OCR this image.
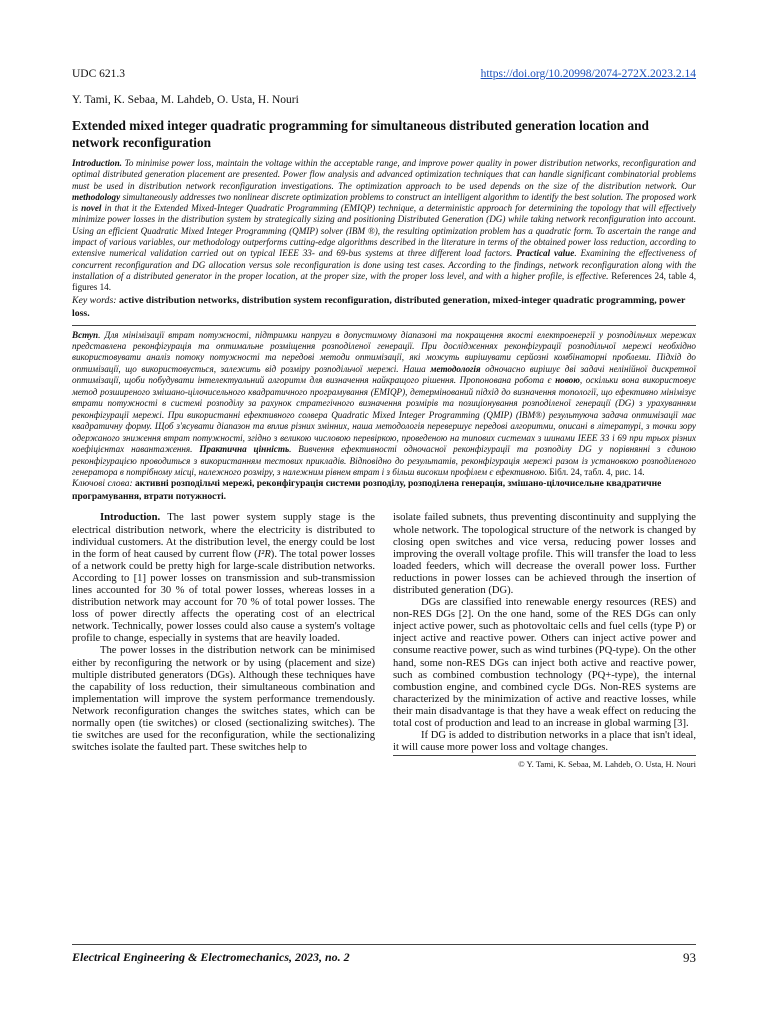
UDC 621.3	https://doi.org/10.20998/2074-272X.2023.2.14
Y. Tami, K. Sebaa, M. Lahdeb, O. Usta, H. Nouri
Extended mixed integer quadratic programming for simultaneous distributed generation location and network reconfiguration
Introduction. To minimise power loss, maintain the voltage within the acceptable range, and improve power quality in power distribution networks, reconfiguration and optimal distributed generation placement are presented. Power flow analysis and advanced optimization techniques that can handle significant combinatorial problems must be used in distribution network reconfiguration investigations. The optimization approach to be used depends on the size of the distribution network. Our methodology simultaneously addresses two nonlinear discrete optimization problems to construct an intelligent algorithm to identify the best solution. The proposed work is novel in that it the Extended Mixed-Integer Quadratic Programming (EMIQP) technique, a deterministic approach for determining the topology that will effectively minimize power losses in the distribution system by strategically sizing and positioning Distributed Generation (DG) while taking network reconfiguration into account. Using an efficient Quadratic Mixed Integer Programming (QMIP) solver (IBM ®), the resulting optimization problem has a quadratic form. To ascertain the range and impact of various variables, our methodology outperforms cutting-edge algorithms described in the literature in terms of the obtained power loss reduction, according to extensive numerical validation carried out on typical IEEE 33- and 69-bus systems at three different load factors. Practical value. Examining the effectiveness of concurrent reconfiguration and DG allocation versus sole reconfiguration is done using test cases. According to the findings, network reconfiguration along with the installation of a distributed generator in the proper location, at the proper size, with the proper loss level, and with a higher profile, is effective. References 24, table 4, figures 14.
Key words: active distribution networks, distribution system reconfiguration, distributed generation, mixed-integer quadratic programming, power loss.
Вступ. Для мінімізації втрат потужності, підтримки напруги в допустимому діапазоні та покращення якості електроенергії у розподільчих мережах представлена реконфігурація та оптимальне розміщення розподіленої генерації. При дослідженнях реконфігурації розподільчої мережі необхідно використовувати аналіз потоку потужності та передові методи оптимізації, які можуть вирішувати серйозні комбінаторні проблеми. Підхід до оптимізації, що використовується, залежить від розміру розподільчої мережі. Наша методологія одночасно вирішує дві задачі нелінійної дискретної оптимізації, щоби побудувати інтелектуальний алгоритм для визначення найкращого рішення. Пропонована робота є новою, оскільки вона використовує метод розширеного змішано-цілочисельного квадратичного програмування (EMIQP), детермінований підхід до визначення топології, що ефективно мінімізує втрати потужності в системі розподілу за рахунок стратегічного визначення розмірів та позиціонування розподіленої генерації (DG) з урахуванням реконфігурації мережі. При використанні ефективного солвера Quadratic Mixed Integer Programming (QMIP) (IBM®) результуюча задача оптимізації має квадратичну форму. Щоб з'ясувати діапазон та вплив різних змінних, наша методологія перевершує передові алгоритми, описані в літературі, з точки зору одержаного зниження втрат потужності, згідно з великою числовою перевіркою, проведеною на типових системах з шинами IEEE 33 і 69 при трьох різних коефіцієнтах навантаження. Практична цінність. Вивчення ефективності одночасної реконфігурації та розподілу DG у порівнянні з єдиною реконфігурацією проводиться з використанням тестових прикладів. Відповідно до результатів, реконфігурація мережі разом із установкою розподіленого генератора в потрібному місці, належного розміру, з належним рівнем втрат і з більш високим профілем є ефективною. Бібл. 24, табл. 4, рис. 14.
Ключові слова: активні розподільчі мережі, реконфігурація системи розподілу, розподілена генерація, змішано-цілочисельне квадратичне програмування, втрати потужності.

Introduction. The last power system supply stage is the electrical distribution network, where the electricity is distributed to individual customers. At the distribution level, the energy could be lost in the form of heat caused by current flow (I²R). The total power losses of a network could be pretty high for large-scale distribution networks. According to [1] power losses on transmission and sub-transmission lines accounted for 30 % of total power losses, whereas losses in a distribution network may account for 70 % of total power losses. The loss of power directly affects the operating cost of an electrical network. Technically, power losses could also cause a system's voltage profile to change, especially in systems that are heavily loaded.

The power losses in the distribution network can be minimised either by reconfiguring the network or by using (placement and size) multiple distributed generators (DGs). Although these techniques have the capability of loss reduction, their simultaneous combination and implementation will improve the system performance tremendously. Network reconfiguration changes the switches states, which can be normally open (tie switches) or closed (sectionalizing switches). The tie switches are used for the reconfiguration, while the sectionalizing switches isolate the faulted part. These switches help to

isolate failed subnets, thus preventing discontinuity and supplying the whole network. The topological structure of the network is changed by closing open switches and vice versa, reducing power losses and improving the overall voltage profile. This will transfer the load to less loaded feeders, which will decrease the overall power loss. Further reductions in power losses can be achieved through the insertion of distributed generation (DG).

DGs are classified into renewable energy resources (RES) and non-RES DGs [2]. On the one hand, some of the RES DGs can only inject active power, such as photovoltaic cells and fuel cells (type P) or inject active and reactive power. Others can inject active power and consume reactive power, such as wind turbines (PQ-type). On the other hand, some non-RES DGs can inject both active and reactive power, such as combined combustion technology (PQ+-type), the internal combustion engine, and combined cycle DGs. Non-RES systems are characterized by the minimization of active and reactive losses, while their main disadvantage is that they have a weak effect on reducing the total cost of production and lead to an increase in global warming [3].

If DG is added to distribution networks in a place that isn't ideal, it will cause more power loss and voltage changes.

© Y. Tami, K. Sebaa, M. Lahdeb, O. Usta, H. Nouri
Electrical Engineering & Electromechanics, 2023, no. 2	93
